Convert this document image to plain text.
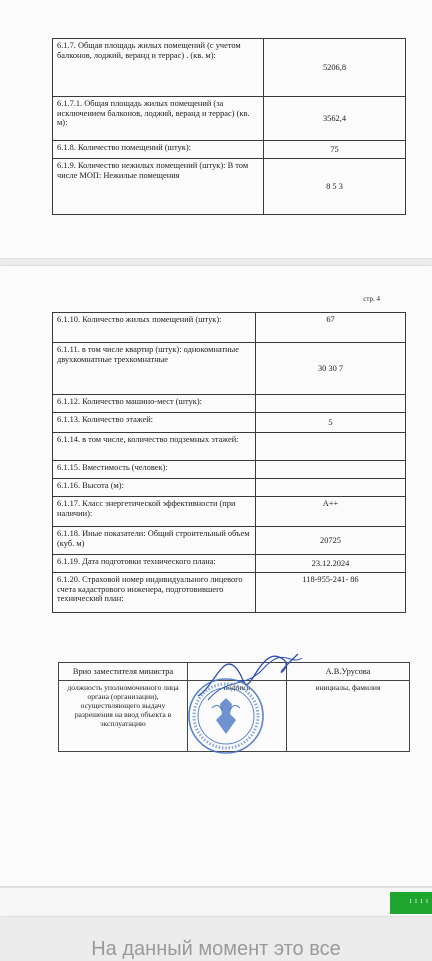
6.1.7. Общая площадь жилых помещений (с учетом балконов, лоджий, веранд и террас) . (кв. м):	5206,8
6.1.7.1. Общая площадь жилых помещений (за исключением балконов, лоджий, веранд и террас) (кв. м):	3562,4
6.1.8. Количество помещений (штук):	75
6.1.9. Количество нежилых помещений (штук): В том числе МОП: Нежилые помещения	8 5 3
стр. 4
6.1.10. Количество жилых помещений (штук):	67
6.1.11. в том числе квартир (штук): однокомнатные двухкомнатные трехкомнатные	30 30 7
6.1.12. Количество машино-мест (штук):	
6.1.13. Количество этажей:	5
6.1.14. в том числе, количество подземных этажей:	
6.1.15. Вместимость (человек):	
6.1.16. Высота (м):	
6.1.17. Класс энергетической эффективности (при наличии):	A++
6.1.18. Иные показатели: Общий строительный объем (куб. м)	20725
6.1.19. Дата подготовки технического плана:	23.12.2024
6.1.20. Страховой номер индивидуального лицевого счета кадастрового инженера, подготовившего технический план:	118-955-241- 86
Врио заместителя министра		А.В.Урусова
должность уполномоченного лица органа (организации), осуществляющего выдачу разрешения на ввод объекта в эксплуатацию	подпись	инициалы, фамилия
I I I I
На данный момент это все
